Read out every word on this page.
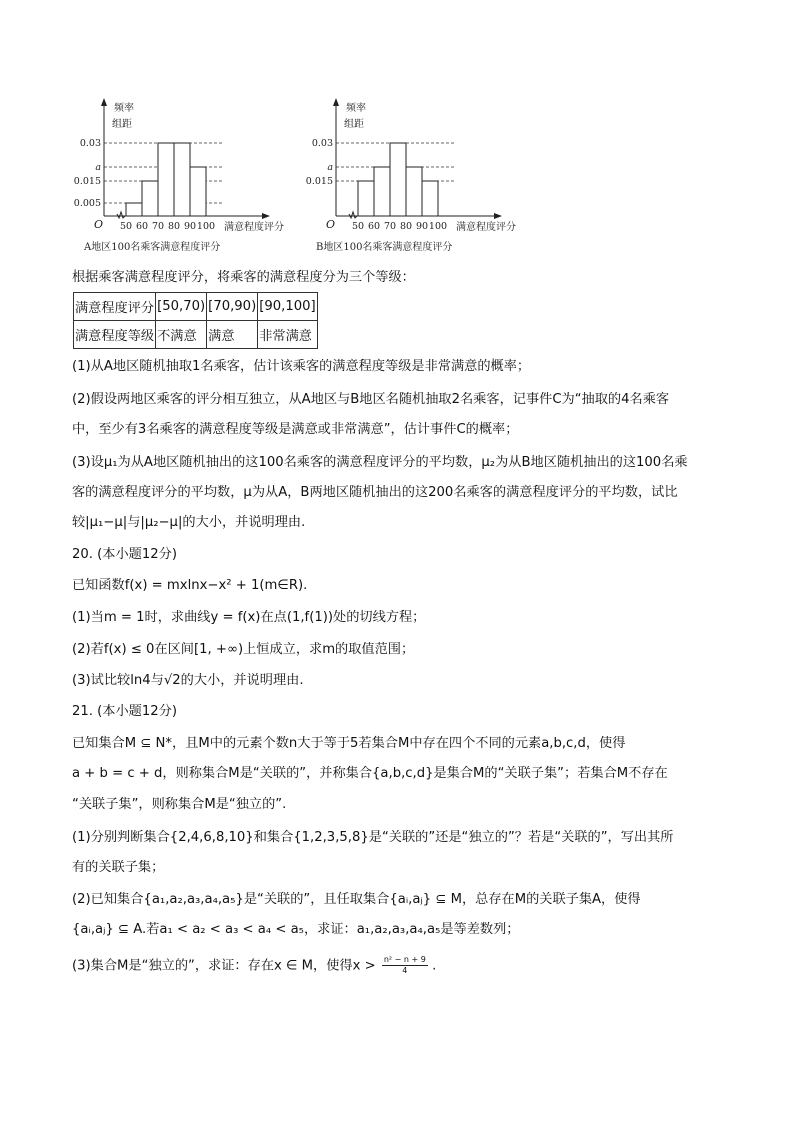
频率
组距
O
0.005
0.015
a
0.03
50 60 70 80 90 100 满意程度评分
A地区100名乘客满意程度评分
频率
组距
O
0.015
a
0.03
50 60 70 80 90 100 满意程度评分
B地区100名乘客满意程度评分
根据乘客满意程度评分，将乘客的满意程度分为三个等级：
满意程度评分	[50,70)	[70,90)	[90,100]
满意程度等级	不满意	满意	非常满意
(1)从A地区随机抽取1名乘客，估计该乘客的满意程度等级是非常满意的概率；
(2)假设两地区乘客的评分相互独立，从A地区与B地区名随机抽取2名乘客，记事件C为“抽取的4名乘客
中，至少有3名乘客的满意程度等级是满意或非常满意”，估计事件C的概率；
(3)设μ₁为从A地区随机抽出的这100名乘客的满意程度评分的平均数，μ₂为从B地区随机抽出的这100名乘
客的满意程度评分的平均数，μ为从A，B两地区随机抽出的这200名乘客的满意程度评分的平均数，试比
较|μ₁−μ|与|μ₂−μ|的大小，并说明理由.
20. (本小题12分)
已知函数f(x) = mxlnx−x² + 1(m∈R).
(1)当m = 1时，求曲线y = f(x)在点(1,f(1))处的切线方程；
(2)若f(x) ≤ 0在区间[1, +∞)上恒成立，求m的取值范围；
(3)试比较ln4与√2的大小，并说明理由.
21. (本小题12分)
已知集合M ⊆ N*，且M中的元素个数n大于等于5若集合M中存在四个不同的元素a,b,c,d，使得
a + b = c + d，则称集合M是“关联的”，并称集合{a,b,c,d}是集合M的“关联子集”；若集合M不存在
“关联子集”，则称集合M是“独立的”.
(1)分别判断集合{2,4,6,8,10}和集合{1,2,3,5,8}是“关联的”还是“独立的”？若是“关联的”，写出其所
有的关联子集；
(2)已知集合{a₁,a₂,a₃,a₄,a₅}是“关联的”，且任取集合{aᵢ,aⱼ} ⊆ M，总存在M的关联子集A，使得
{aᵢ,aⱼ} ⊆ A.若a₁ < a₂ < a₃ < a₄ < a₅，求证：a₁,a₂,a₃,a₄,a₅是等差数列；
(3)集合M是“独立的”，求证：存在x ∈ M，使得$x > \frac{\text{n² − n + 9}}{4}$ .
